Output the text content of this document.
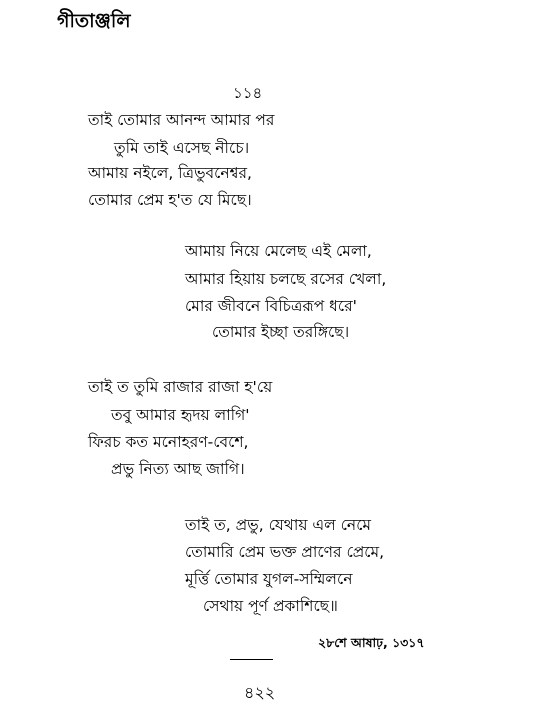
গীতাঞ্জলি
১১৪
তাই তোমার আনন্দ আমার পর
তুমি তাই এসেছ নীচে।
আমায় নইলে, ত্রিভুবনেশ্বর,
তোমার প্রেম হ'ত যে মিছে।
আমায় নিয়ে মেলেছ এই মেলা,
আমার হিয়ায় চলছে রসের খেলা,
মোর জীবনে বিচিত্ররূপ ধরে'
তোমার ইচ্ছা তরঙ্গিছে।
তাই ত তুমি রাজার রাজা হ'য়ে
তবু আমার হৃদয় লাগি'
ফিরচ কত মনোহরণ-বেশে,
প্রভু নিত্য আছ জাগি।
তাই ত, প্রভু, যেথায় এল নেমে
তোমারি প্রেম ভক্ত প্রাণের প্রেমে,
মূর্ত্তি তোমার যুগল-সম্মিলনে
সেথায় পূর্ণ প্রকাশিছে॥
২৮শে আষাঢ়, ১৩১৭
৪২২
